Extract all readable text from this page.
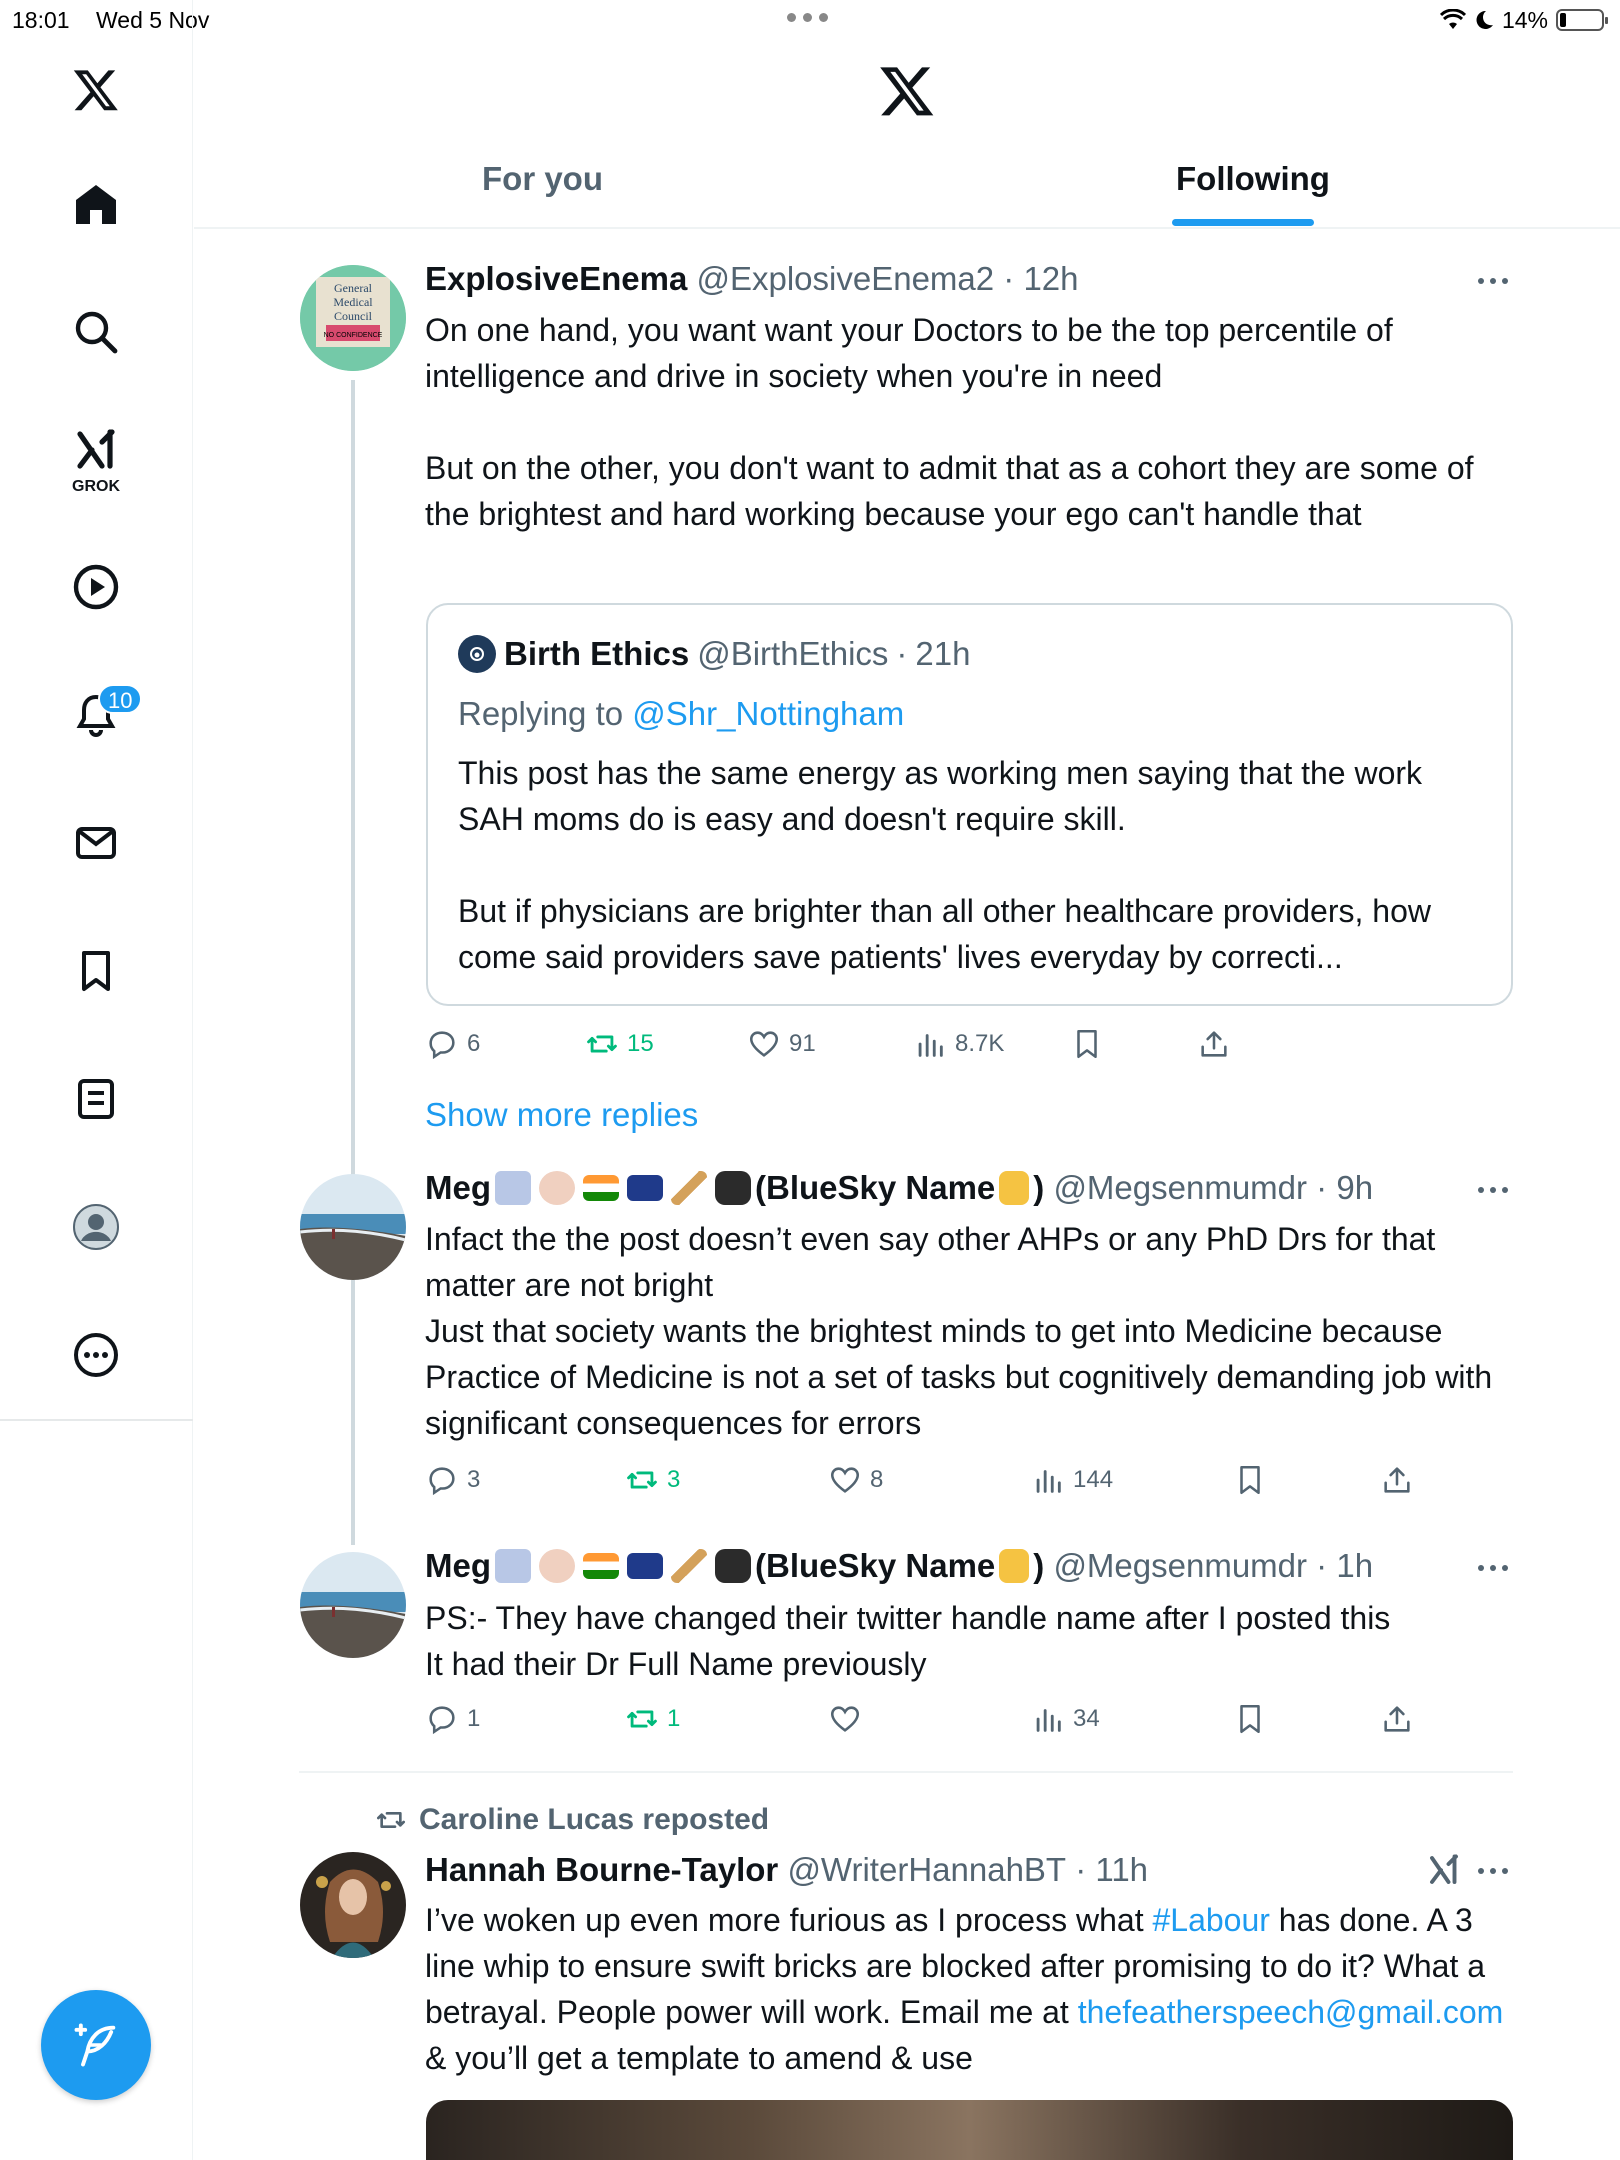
18:01 Wed 5 Nov	14%
GROK
10
For you	Following
General
Medical
Council
NO CONFIDENCE
ExplosiveEnema
@ExplosiveEnema2 · 12h
On one hand, you want want your Doctors to be the top percentile of intelligence and drive in society when you're in need
But on the other, you don't want to admit that as a cohort they are some of the brightest and hard working because your ego can't handle that
Birth Ethics @BirthEthics · 21h
Replying to @Shr_Nottingham
This post has the same energy as working men saying that the work SAH moms do is easy and doesn't require skill.
But if physicians are brighter than all other healthcare providers, how come said providers save patients' lives everyday by correcti...
6	15	91	8.7K
Show more replies
Meg	(BlueSky Name )
@Megsenmumdr · 9h
Infact the the post doesn’t even say other AHPs or any PhD Drs for that matter are not bright
Just that society wants the brightest minds to get into Medicine because Practice of Medicine is not a set of tasks but cognitively demanding job with significant consequences for errors
3	3	8	144
Meg	(BlueSky Name )
@Megsenmumdr · 1h
PS:- They have changed their twitter handle name after I posted this
It had their Dr Full Name previously
1	1	34
Caroline Lucas reposted
Hannah Bourne-Taylor
@WriterHannahBT · 11h
I’ve woken up even more furious as I process what #Labour has done. A 3 line whip to ensure swift bricks are blocked after promising to do it? What a betrayal. People power will work. Email me at thefeatherspeech@gmail.com & you’ll get a template to amend & use
